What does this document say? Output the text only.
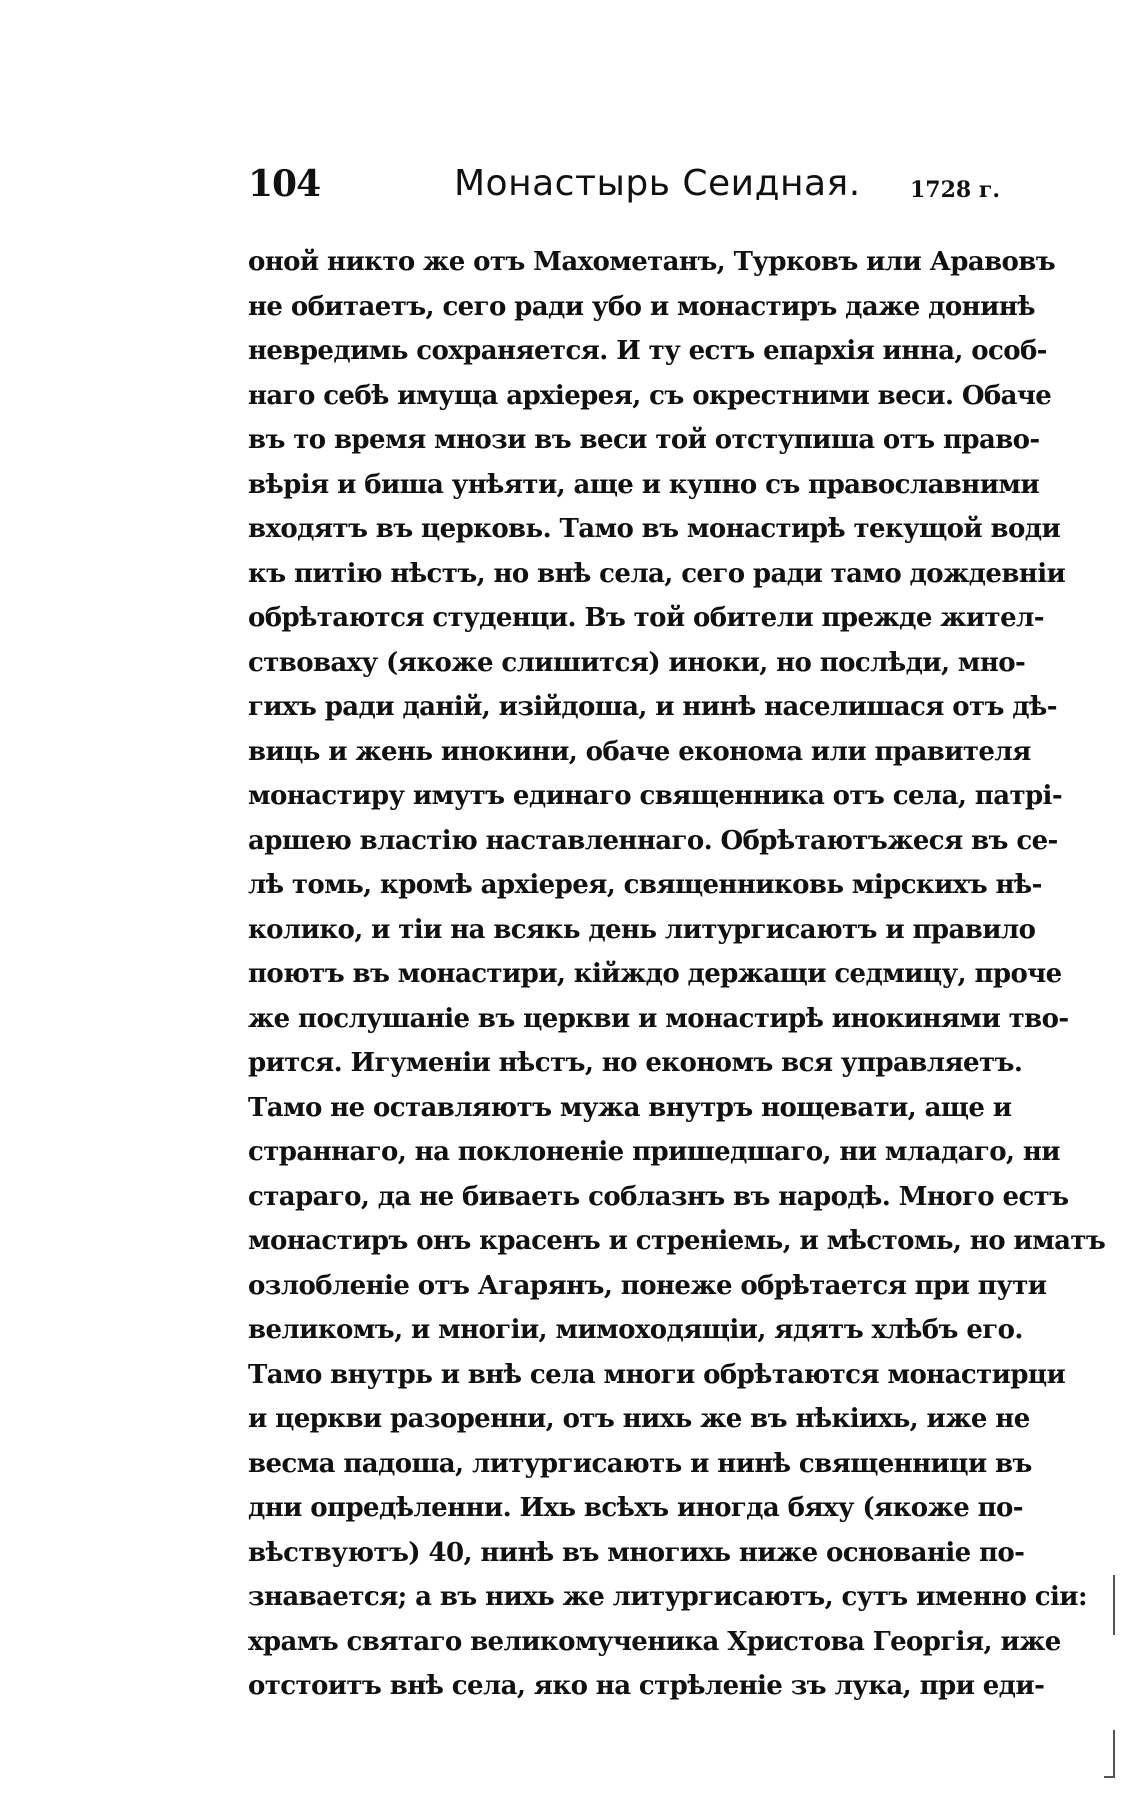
104	Монастырь Сеидная. 1728 г.
оной никто же отъ Махометанъ, Турковъ или Аравовъ
не обитаетъ, сего ради убо и монастиръ даже донинѣ
невредимь сохраняется. И ту естъ епархія инна, особ-
наго себѣ имуща архіерея, съ окрестними веси. Обаче
въ то время мнози въ веси той отступиша отъ право-
вѣрія и биша унѣяти, аще и купно съ православними
входятъ въ церковь. Тамо въ монастирѣ текущой води
къ питію нѣстъ, но внѣ села, сего ради тамо дождевніи
обрѣтаются студенци. Въ той обители прежде жител-
ствоваху (якоже слишится) иноки, но послѣди, мно-
гихъ ради даній, изійдоша, и нинѣ населишася отъ дѣ-
виць и жень инокини, обаче економа или правителя
монастиру имутъ единаго священника отъ села, патрі-
аршею властію наставленнаго. Обрѣтаютъжеся въ се-
лѣ томь, кромѣ архіерея, священниковь мірскихъ нѣ-
колико, и тіи на всякь день литургисаютъ и правило
поютъ въ монастири, кійждо держащи седмицу, проче
же послушаніе въ церкви и монастирѣ инокинями тво-
рится. Игуменіи нѣстъ, но економъ вся управляетъ.
Тамо не оставляютъ мужа внутръ нощевати, аще и
страннаго, на поклоненіе пришедшаго, ни младаго, ни
стараго, да не биваеть соблазнъ въ народѣ. Много естъ
монастиръ онъ красенъ и стреніемь, и мѣстомь, но иматъ
озлобленіе отъ Агарянъ, понеже обрѣтается при пути
великомъ, и многіи, мимоходящіи, ядятъ хлѣбъ его.
Тамо внутрь и внѣ села многи обрѣтаются монастирци
и церкви разоренни, отъ нихь же въ нѣкіихь, иже не
весма падоша, литургисають и нинѣ священници въ
дни опредѣленни. Ихь всѣхъ иногда бяху (якоже по-
вѣствуютъ) 40, нинѣ въ многихь ниже основаніе по-
знавается; а въ нихь же литургисаютъ, сутъ именно сіи:
храмъ святаго великомученика Христова Георгія, иже
отстоитъ внѣ села, яко на стрѣленіе зъ лука, при еди-
